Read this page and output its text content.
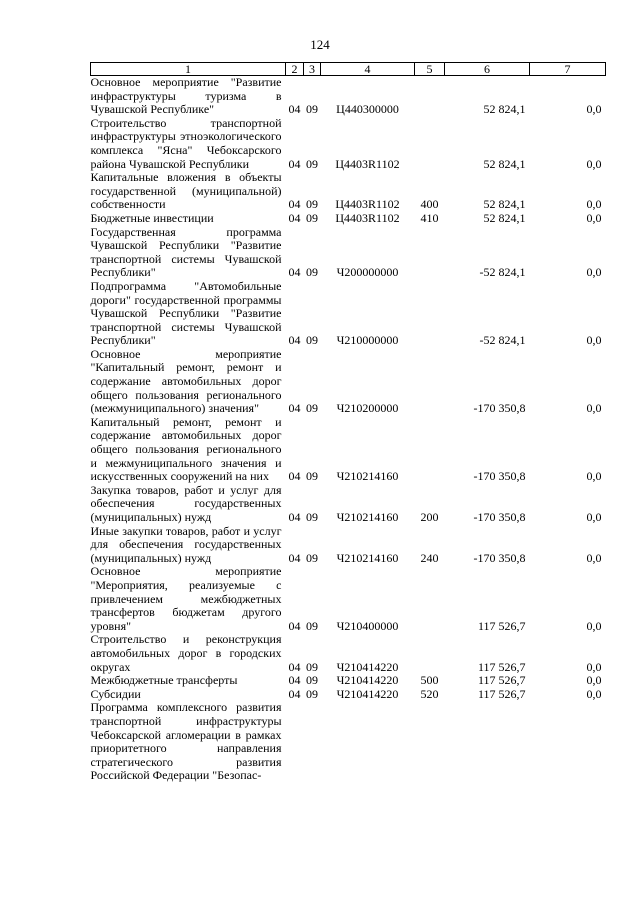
124
1	2	3	4	5	6	7
Основное мероприятие "Развитие инфраструктуры туризма в Чувашской Республике"	04	09	Ц440300000		52 824,1	0,0
Строительство транспортной инфраструктуры этноэкологического комплекса "Ясна" Чебоксарского района Чувашской Республики	04	09	Ц4403R1102		52 824,1	0,0
Капитальные вложения в объекты государственной (муниципальной) собственности	04	09	Ц4403R1102	400	52 824,1	0,0
Бюджетные инвестиции	04	09	Ц4403R1102	410	52 824,1	0,0
Государственная программа Чувашской Республики "Развитие транспортной системы Чувашской Республики"	04	09	Ч200000000		-52 824,1	0,0
Подпрограмма "Автомобильные дороги" государственной программы Чувашской Республики "Развитие транспортной системы Чувашской Республики"	04	09	Ч210000000		-52 824,1	0,0
Основное мероприятие "Капитальный ремонт, ремонт и содержание автомобильных дорог общего пользования регионального (межмуниципального) значения"	04	09	Ч210200000		-170 350,8	0,0
Капитальный ремонт, ремонт и содержание автомобильных дорог общего пользования регионального и межмуниципального значения и искусственных сооружений на них	04	09	Ч210214160		-170 350,8	0,0
Закупка товаров, работ и услуг для обеспечения государственных (муниципальных) нужд	04	09	Ч210214160	200	-170 350,8	0,0
Иные закупки товаров, работ и услуг для обеспечения государственных (муниципальных) нужд	04	09	Ч210214160	240	-170 350,8	0,0
Основное мероприятие "Мероприятия, реализуемые с привлечением межбюджетных трансфертов бюджетам другого уровня"	04	09	Ч210400000		117 526,7	0,0
Строительство и реконструкция автомобильных дорог в городских округах	04	09	Ч210414220		117 526,7	0,0
Межбюджетные трансферты	04	09	Ч210414220	500	117 526,7	0,0
Субсидии	04	09	Ч210414220	520	117 526,7	0,0
Программа комплексного развития транспортной инфраструктуры Чебоксарской агломерации в рамках приоритетного направления стратегического развития Российской Федерации "Безопас-						
